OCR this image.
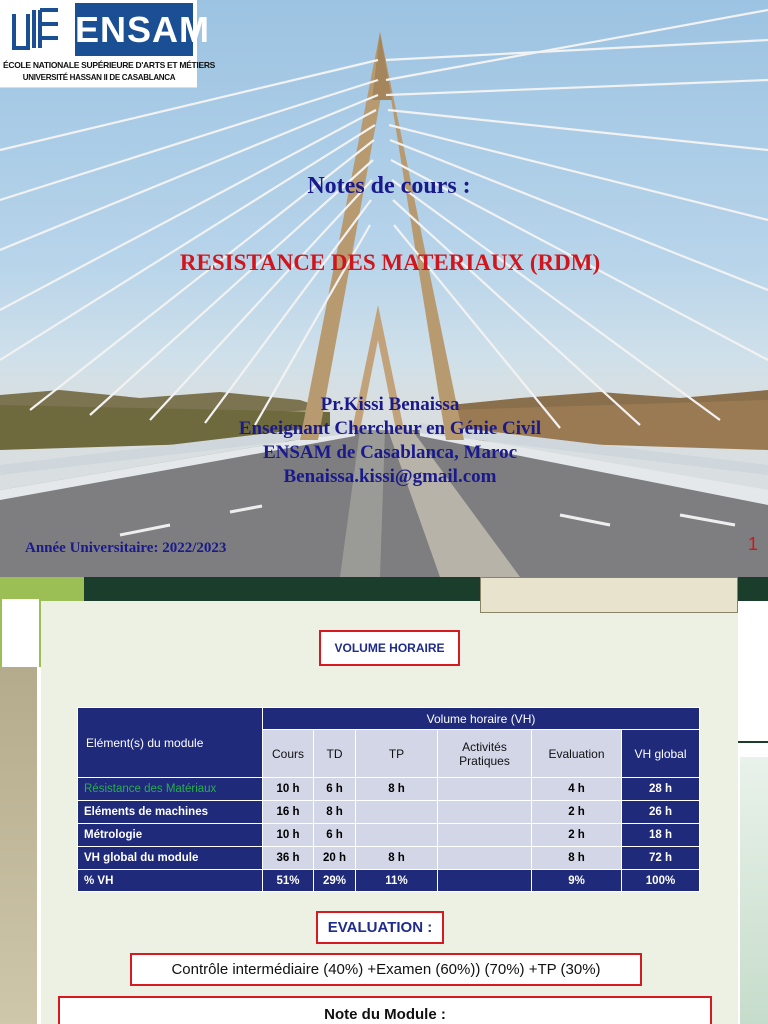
ENSAM
ÉCOLE NATIONALE SUPÉRIEURE D'ARTS ET MÉTIERS
UNIVERSITÉ HASSAN II DE CASABLANCA
Notes de cours :
RESISTANCE DES MATERIAUX (RDM)
Pr.Kissi Benaissa
Enseignant Chercheur en Génie Civil
ENSAM de Casablanca, Maroc
Benaissa.kissi@gmail.com
Année Universitaire: 2022/2023	1
VOLUME HORAIRE
Elément(s) du module	Volume horaire (VH)					
	Cours	TD	TP	Activités Pratiques	Evaluation	VH global
Résistance des Matériaux	10 h	6 h	8 h		4 h	28 h
Eléments de machines	16 h	8 h			2 h	26 h
Métrologie	10 h	6 h			2 h	18 h
VH global du module	36 h	20 h	8 h		8 h	72 h
% VH	51%	29%	11%		9%	100%
EVALUATION :
Contrôle intermédiaire (40%) +Examen (60%)) (70%) +TP (30%)
Note du Module :
